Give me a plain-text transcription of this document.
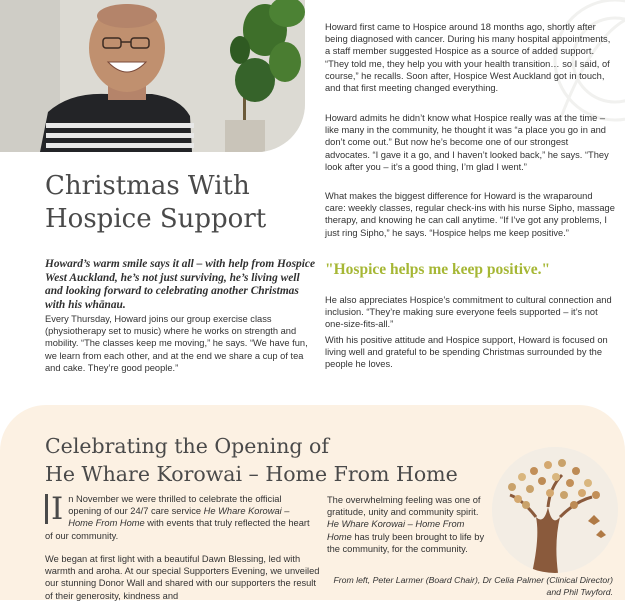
Christmas With
Hospice Support

Howard’s warm smile says it all – with help from Hospice West Auckland, he’s not just surviving, he’s living well and looking forward to celebrating another Christmas with his whānau.

Every Thursday, Howard joins our group exercise class (physiotherapy set to music) where he works on strength and mobility. “The classes keep me moving,” he says. “We have fun, we learn from each other, and at the end we share a cup of tea and cake. They’re good people.”

Howard first came to Hospice around 18 months ago, shortly after being diagnosed with cancer. During his many hospital appointments, a staff member suggested Hospice as a source of added support. “They told me, they help you with your health transition… so I said, of course,” he recalls. Soon after, Hospice West Auckland got in touch, and that first meeting changed everything.

Howard admits he didn’t know what Hospice really was at the time – like many in the community, he thought it was “a place you go in and don’t come out.” But now he’s become one of our strongest advocates. “I gave it a go, and I haven’t looked back,” he says. “They look after you – it’s a good thing, I’m glad I went.”

What makes the biggest difference for Howard is the wraparound care: weekly classes, regular check-ins with his nurse Sipho, massage therapy, and knowing he can call anytime. “If I’ve got any problems, I just ring Sipho,” he says. “Hospice helps me keep positive.”

"Hospice helps me keep positive."

He also appreciates Hospice’s commitment to cultural connection and inclusion. “They’re making sure everyone feels supported – it’s not one-size-fits-all.”

With his positive attitude and Hospice support, Howard is focused on living well and grateful to be spending Christmas surrounded by the people he loves.

Celebrating the Opening of
He Whare Korowai – Home From Home

I n November we were thrilled to celebrate the official opening of our 24/7 care service He Whare Korowai – Home From Home with events that truly reflected the heart of our community.

We began at first light with a beautiful Dawn Blessing, led with warmth and aroha. At our special Supporters Evening, we unveiled our stunning Donor Wall and shared with our supporters the result of their generosity, kindness and

The overwhelming feeling was one of gratitude, unity and community spirit. He Whare Korowai – Home From Home has truly been brought to life by the community, for the community.

From left, Peter Larmer (Board Chair), Dr Celia Palmer (Clinical Director) and Phil Twyford.
